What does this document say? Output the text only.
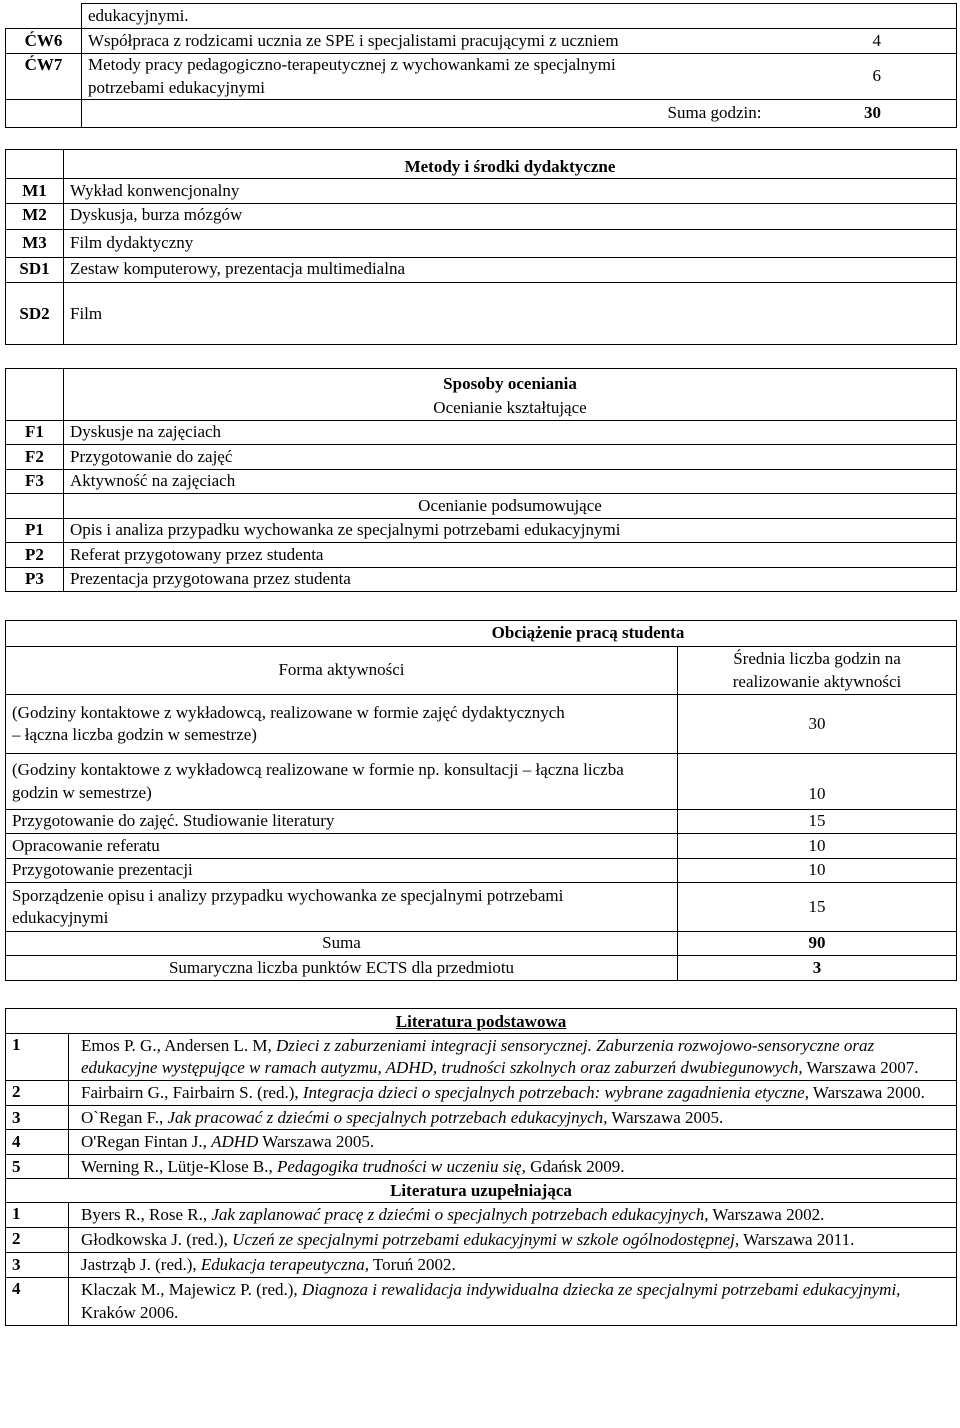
	edukacyjnymi.	
ĆW6	Współpraca z rodzicami ucznia ze SPE i specjalistami pracującymi z uczniem	4
ĆW7	Metody pracy pedagogiczno-terapeutycznej z wychowankami ze specjalnymi potrzebami edukacyjnymi	6
	Suma godzin:	30
	Metody i środki dydaktyczne
M1	Wykład konwencjonalny
M2	Dyskusja, burza mózgów
M3	Film dydaktyczny
SD1	Zestaw komputerowy, prezentacja multimedialna
SD2	Film
	Sposoby oceniania
	Ocenianie kształtujące
F1	Dyskusje na zajęciach
F2	Przygotowanie do zajęć
F3	Aktywność na zajęciach
	Ocenianie podsumowujące
P1	Opis i analiza przypadku wychowanka ze specjalnymi potrzebami edukacyjnymi
P2	Referat przygotowany przez studenta
P3	Prezentacja przygotowana przez studenta
Obciążenie pracą studenta	
Forma aktywności	Średnia liczba godzin na realizowanie aktywności
(Godziny kontaktowe z wykładowcą, realizowane w formie zajęć dydaktycznych – łączna liczba godzin w semestrze)	30
(Godziny kontaktowe z wykładowcą realizowane w formie np. konsultacji – łączna liczba godzin w semestrze)	10
Przygotowanie do zajęć. Studiowanie literatury	15
Opracowanie referatu	10
Przygotowanie prezentacji	10
Sporządzenie opisu i analizy przypadku wychowanka ze specjalnymi potrzebami edukacyjnymi	15
Suma	90
Sumaryczna liczba punktów ECTS dla przedmiotu	3
Literatura podstawowa	
1	Emos P. G., Andersen L. M, Dzieci z zaburzeniami integracji sensorycznej. Zaburzenia rozwojowo-sensoryczne oraz edukacyjne występujące w ramach autyzmu, ADHD, trudności szkolnych oraz zaburzeń dwubiegunowych, Warszawa 2007.
2	Fairbairn G., Fairbairn S. (red.), Integracja dzieci o specjalnych potrzebach: wybrane zagadnienia etyczne, Warszawa 2000.
3	O`Regan F., Jak pracować z dziećmi o specjalnych potrzebach edukacyjnych, Warszawa 2005.
4	O'Regan Fintan J., ADHD Warszawa 2005.
5	Werning R., Lütje-Klose B., Pedagogika trudności w uczeniu się, Gdańsk 2009.
Literatura uzupełniająca	
1	Byers R., Rose R., Jak zaplanować pracę z dziećmi o specjalnych potrzebach edukacyjnych, Warszawa 2002.
2	Głodkowska J. (red.), Uczeń ze specjalnymi potrzebami edukacyjnymi w szkole ogólnodostępnej, Warszawa 2011.
3	Jastrząb J. (red.), Edukacja terapeutyczna, Toruń 2002.
4	Klaczak M., Majewicz P. (red.), Diagnoza i rewalidacja indywidualna dziecka ze specjalnymi potrzebami edukacyjnymi, Kraków 2006.
